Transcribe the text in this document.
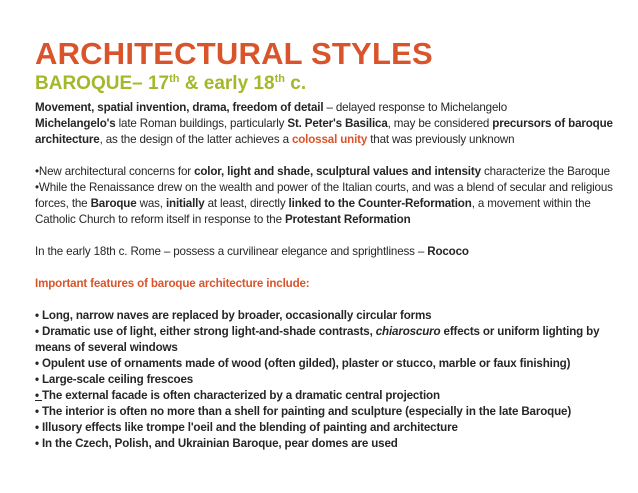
ARCHITECTURAL STYLES
BAROQUE– 17th & early 18th c.

Movement, spatial invention, drama, freedom of detail – delayed response to Michelangelo

Michelangelo's late Roman buildings, particularly St. Peter's Basilica, may be considered precursors of baroque architecture, as the design of the latter achieves a colossal unity that was previously unknown

•New architectural concerns for color, light and shade, sculptural values and intensity characterize the Baroque

•While the Renaissance drew on the wealth and power of the Italian courts, and was a blend of secular and religious forces, the Baroque was, initially at least, directly linked to the Counter-Reformation, a movement within the Catholic Church to reform itself in response to the Protestant Reformation

In the early 18th c. Rome – possess a curvilinear elegance and sprightliness – Rococo

Important features of baroque architecture include:

• Long, narrow naves are replaced by broader, occasionally circular forms

• Dramatic use of light, either strong light-and-shade contrasts, chiaroscuro effects or uniform lighting by means of several windows

• Opulent use of ornaments made of wood (often gilded), plaster or stucco, marble or faux finishing)

• Large-scale ceiling frescoes

• The external facade is often characterized by a dramatic central projection

• The interior is often no more than a shell for painting and sculpture (especially in the late Baroque)

• Illusory effects like trompe l'oeil and the blending of painting and architecture

• In the Czech, Polish, and Ukrainian Baroque, pear domes are used
